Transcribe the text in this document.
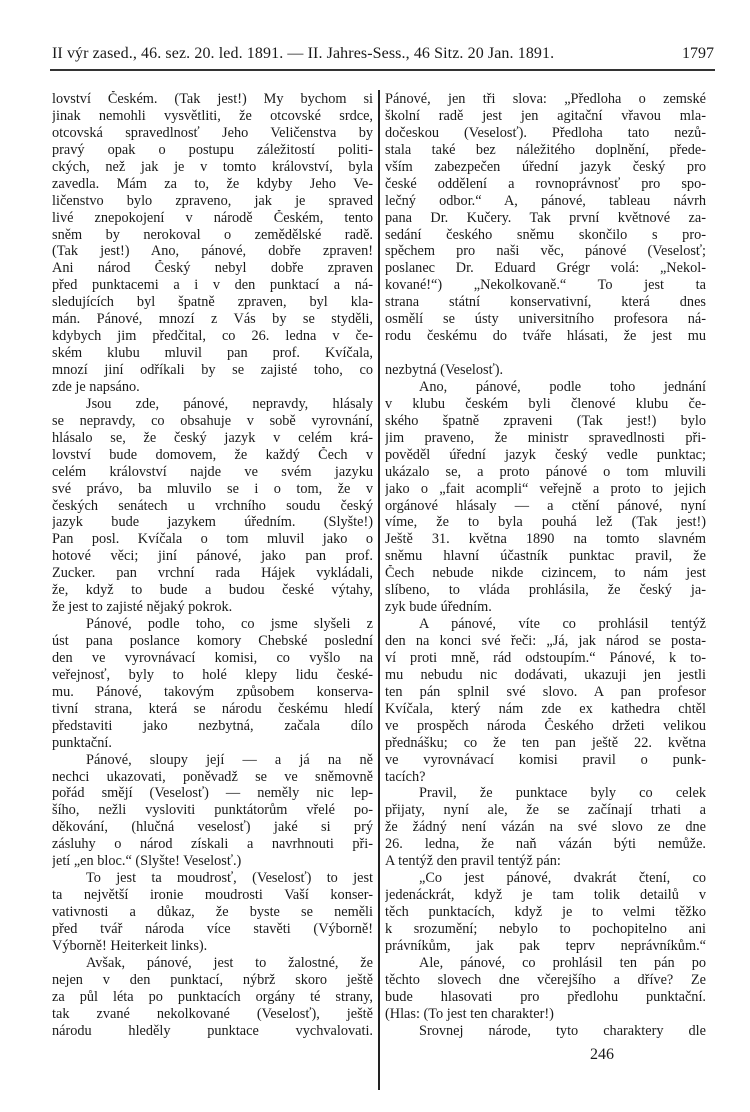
II výr zased., 46. sez. 20. led. 1891. — II. Jahres-Sess., 46 Sitz. 20 Jan. 1891.	1797
lovství Českém. (Tak jest!) My bychom si
jinak nemohli vysvětliti, že otcovské srdce,
otcovská spravedlnosť Jeho Veličenstva by
pravý opak o postupu záležitostí politi-
ckých, než jak je v tomto království, byla
zavedla. Mám za to, že kdyby Jeho Ve-
ličenstvo bylo zpraveno, jak je spraved
livé znepokojení v národě Českém, tento
sněm by nerokoval o zemědělské radě.
(Tak jest!) Ano, pánové, dobře zpraven!
Ani národ Český nebyl dobře zpraven
před punktacemi a i v den punktací a ná-
sledujících byl špatně zpraven, byl kla-
mán. Pánové, mnozí z Vás by se styděli,
kdybych jim předčital, co 26. ledna v če-
ském klubu mluvil pan prof. Kvíčala,
mnozí jiní odříkali by se zajisté toho, co
zde je napsáno.
Jsou zde, pánové, nepravdy, hlásaly
se nepravdy, co obsahuje v sobě vyrovnání,
hlásalo se, že český jazyk v celém krá-
lovství bude domovem, že každý Čech v
celém království najde ve svém jazyku
své právo, ba mluvilo se i o tom, že v
českých senátech u vrchního soudu český
jazyk bude jazykem úředním. (Slyšte!)
Pan posl. Kvíčala o tom mluvil jako o
hotové věci; jiní pánové, jako pan prof.
Zucker. pan vrchní rada Hájek vykládali,
že, když to bude a budou české výtahy,
že jest to zajisté nějaký pokrok.
Pánové, podle toho, co jsme slyšeli z
úst pana poslance komory Chebské poslední
den ve vyrovnávací komisi, co vyšlo na
veřejnosť, byly to holé klepy lidu české-
mu. Pánové, takovým způsobem konserva-
tivní strana, která se národu českému hledí
představiti jako nezbytná, začala dílo
punktační.
Pánové, sloupy její — a já na ně
nechci ukazovati, poněvadž se ve sněmovně
pořád smějí (Veselosť) — neměly nic lep-
šího, nežli vysloviti punktátorům vřelé po-
děkování, (hlučná veselosť) jaké si prý
zásluhy o národ získali a navrhnouti při-
jetí „en bloc.“ (Slyšte! Veselosť.)
To jest ta moudrosť, (Veselosť) to jest
ta největší ironie moudrosti Vaší konser-
vativnosti a důkaz, že byste se neměli
před tvář národa více stavěti (Výborně!
Výborně! Heiterkeit links).
Avšak, pánové, jest to žalostné, že
nejen v den punktací, nýbrž skoro ještě
za půl léta po punktacích orgány té strany,
tak zvané nekolkované (Veselosť), ještě
národu hleděly punktace vychvalovati.
Pánové, jen tři slova: „Předloha o zemské
školní radě jest jen agitační vřavou mla-
dočeskou (Veselosť). Předloha tato nezů-
stala také bez náležitého doplnění, přede-
vším zabezpečen úřední jazyk český pro
české oddělení a rovnoprávnosť pro spo-
lečný odbor.“ A, pánové, tableau návrh
pana Dr. Kučery. Tak první květnové za-
sedání českého sněmu skončilo s pro-
spěchem pro naši věc, pánové (Veselosť;
poslanec Dr. Eduard Grégr volá: „Nekol-
kované!“) „Nekolkovaně.“ To jest ta
strana státní konservativní, která dnes
osmělí se ústy universitního profesora ná-
rodu českému do tváře hlásati, že jest mu
nezbytná (Veselosť).
Ano, pánové, podle toho jednání
v klubu českém byli členové klubu če-
ského špatně zpraveni (Tak jest!) bylo
jim praveno, že ministr spravedlnosti při-
pověděl úřední jazyk český vedle punktac;
ukázalo se, a proto pánové o tom mluvili
jako o „fait acompli“ veřejně a proto to jejich
orgánové hlásaly — a ctění pánové, nyní
víme, že to byla pouhá lež (Tak jest!)
Ještě 31. května 1890 na tomto slavném
sněmu hlavní účastník punktac pravil, že
Čech nebude nikde cizincem, to nám jest
slíbeno, to vláda prohlásila, že český ja-
zyk bude úředním.
A pánové, víte co prohlásil tentýž
den na konci své řeči: „Já, jak národ se posta-
ví proti mně, rád odstoupím.“ Pánové, k to-
mu nebudu nic dodávati, ukazuji jen jestli
ten pán splnil své slovo. A pan profesor
Kvíčala, který nám zde ex kathedra chtěl
ve prospěch národa Českého držeti velikou
přednášku; co že ten pan ještě 22. května
ve vyrovnávací komisi pravil o punk-
tacích?
Pravil, že punktace byly co celek
přijaty, nyní ale, že se začínají trhati a
že žádný není vázán na své slovo ze dne
26. ledna, že naň vázán býti nemůže.
A tentýž den pravil tentýž pán:
„Co jest pánové, dvakrát čtení, co
jedenáckrát, když je tam tolik detailů v
těch punktacích, když je to velmi těžko
k srozumění; nebylo to pochopitelno ani
právníkům, jak pak teprv neprávníkům.“
Ale, pánové, co prohlásil ten pán po
těchto slovech dne včerejšího a dříve? Ze
bude hlasovati pro předlohu punktační.
(Hlas: (To jest ten charakter!)
Srovnej národe, tyto charaktery dle
246
